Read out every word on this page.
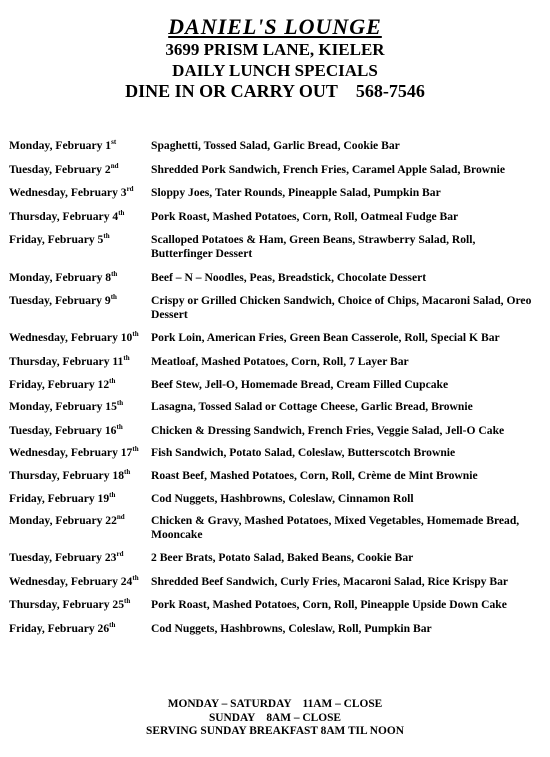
DANIEL'S LOUNGE
3699 PRISM LANE, KIELER
DAILY LUNCH SPECIALS
DINE IN OR CARRY OUT 568-7546
Monday, February 1st	Spaghetti, Tossed Salad, Garlic Bread, Cookie Bar
Tuesday, February 2nd	Shredded Pork Sandwich, French Fries, Caramel Apple Salad, Brownie
Wednesday, February 3rd	Sloppy Joes, Tater Rounds, Pineapple Salad, Pumpkin Bar
Thursday, February 4th	Pork Roast, Mashed Potatoes, Corn, Roll, Oatmeal Fudge Bar
Friday, February 5th	Scalloped Potatoes & Ham, Green Beans, Strawberry Salad, Roll, Butterfinger Dessert
Monday, February 8th	Beef – N – Noodles, Peas, Breadstick, Chocolate Dessert
Tuesday, February 9th	Crispy or Grilled Chicken Sandwich, Choice of Chips, Macaroni Salad, Oreo Dessert
Wednesday, February 10th	Pork Loin, American Fries, Green Bean Casserole, Roll, Special K Bar
Thursday, February 11th	Meatloaf, Mashed Potatoes, Corn, Roll, 7 Layer Bar
Friday, February 12th	Beef Stew, Jell-O, Homemade Bread, Cream Filled Cupcake
Monday, February 15th	Lasagna, Tossed Salad or Cottage Cheese, Garlic Bread, Brownie
Tuesday, February 16th	Chicken & Dressing Sandwich, French Fries, Veggie Salad, Jell-O Cake
Wednesday, February 17th	Fish Sandwich, Potato Salad, Coleslaw, Butterscotch Brownie
Thursday, February 18th	Roast Beef, Mashed Potatoes, Corn, Roll, Crème de Mint Brownie
Friday, February 19th	Cod Nuggets, Hashbrowns, Coleslaw, Cinnamon Roll
Monday, February 22nd	Chicken & Gravy, Mashed Potatoes, Mixed Vegetables, Homemade Bread, Mooncake
Tuesday, February 23rd	2 Beer Brats, Potato Salad, Baked Beans, Cookie Bar
Wednesday, February 24th	Shredded Beef Sandwich, Curly Fries, Macaroni Salad, Rice Krispy Bar
Thursday, February 25th	Pork Roast, Mashed Potatoes, Corn, Roll, Pineapple Upside Down Cake
Friday, February 26th	Cod Nuggets, Hashbrowns, Coleslaw, Roll, Pumpkin Bar
MONDAY – SATURDAY    11AM – CLOSE
SUNDAY    8AM – CLOSE
SERVING SUNDAY BREAKFAST 8AM TIL NOON
